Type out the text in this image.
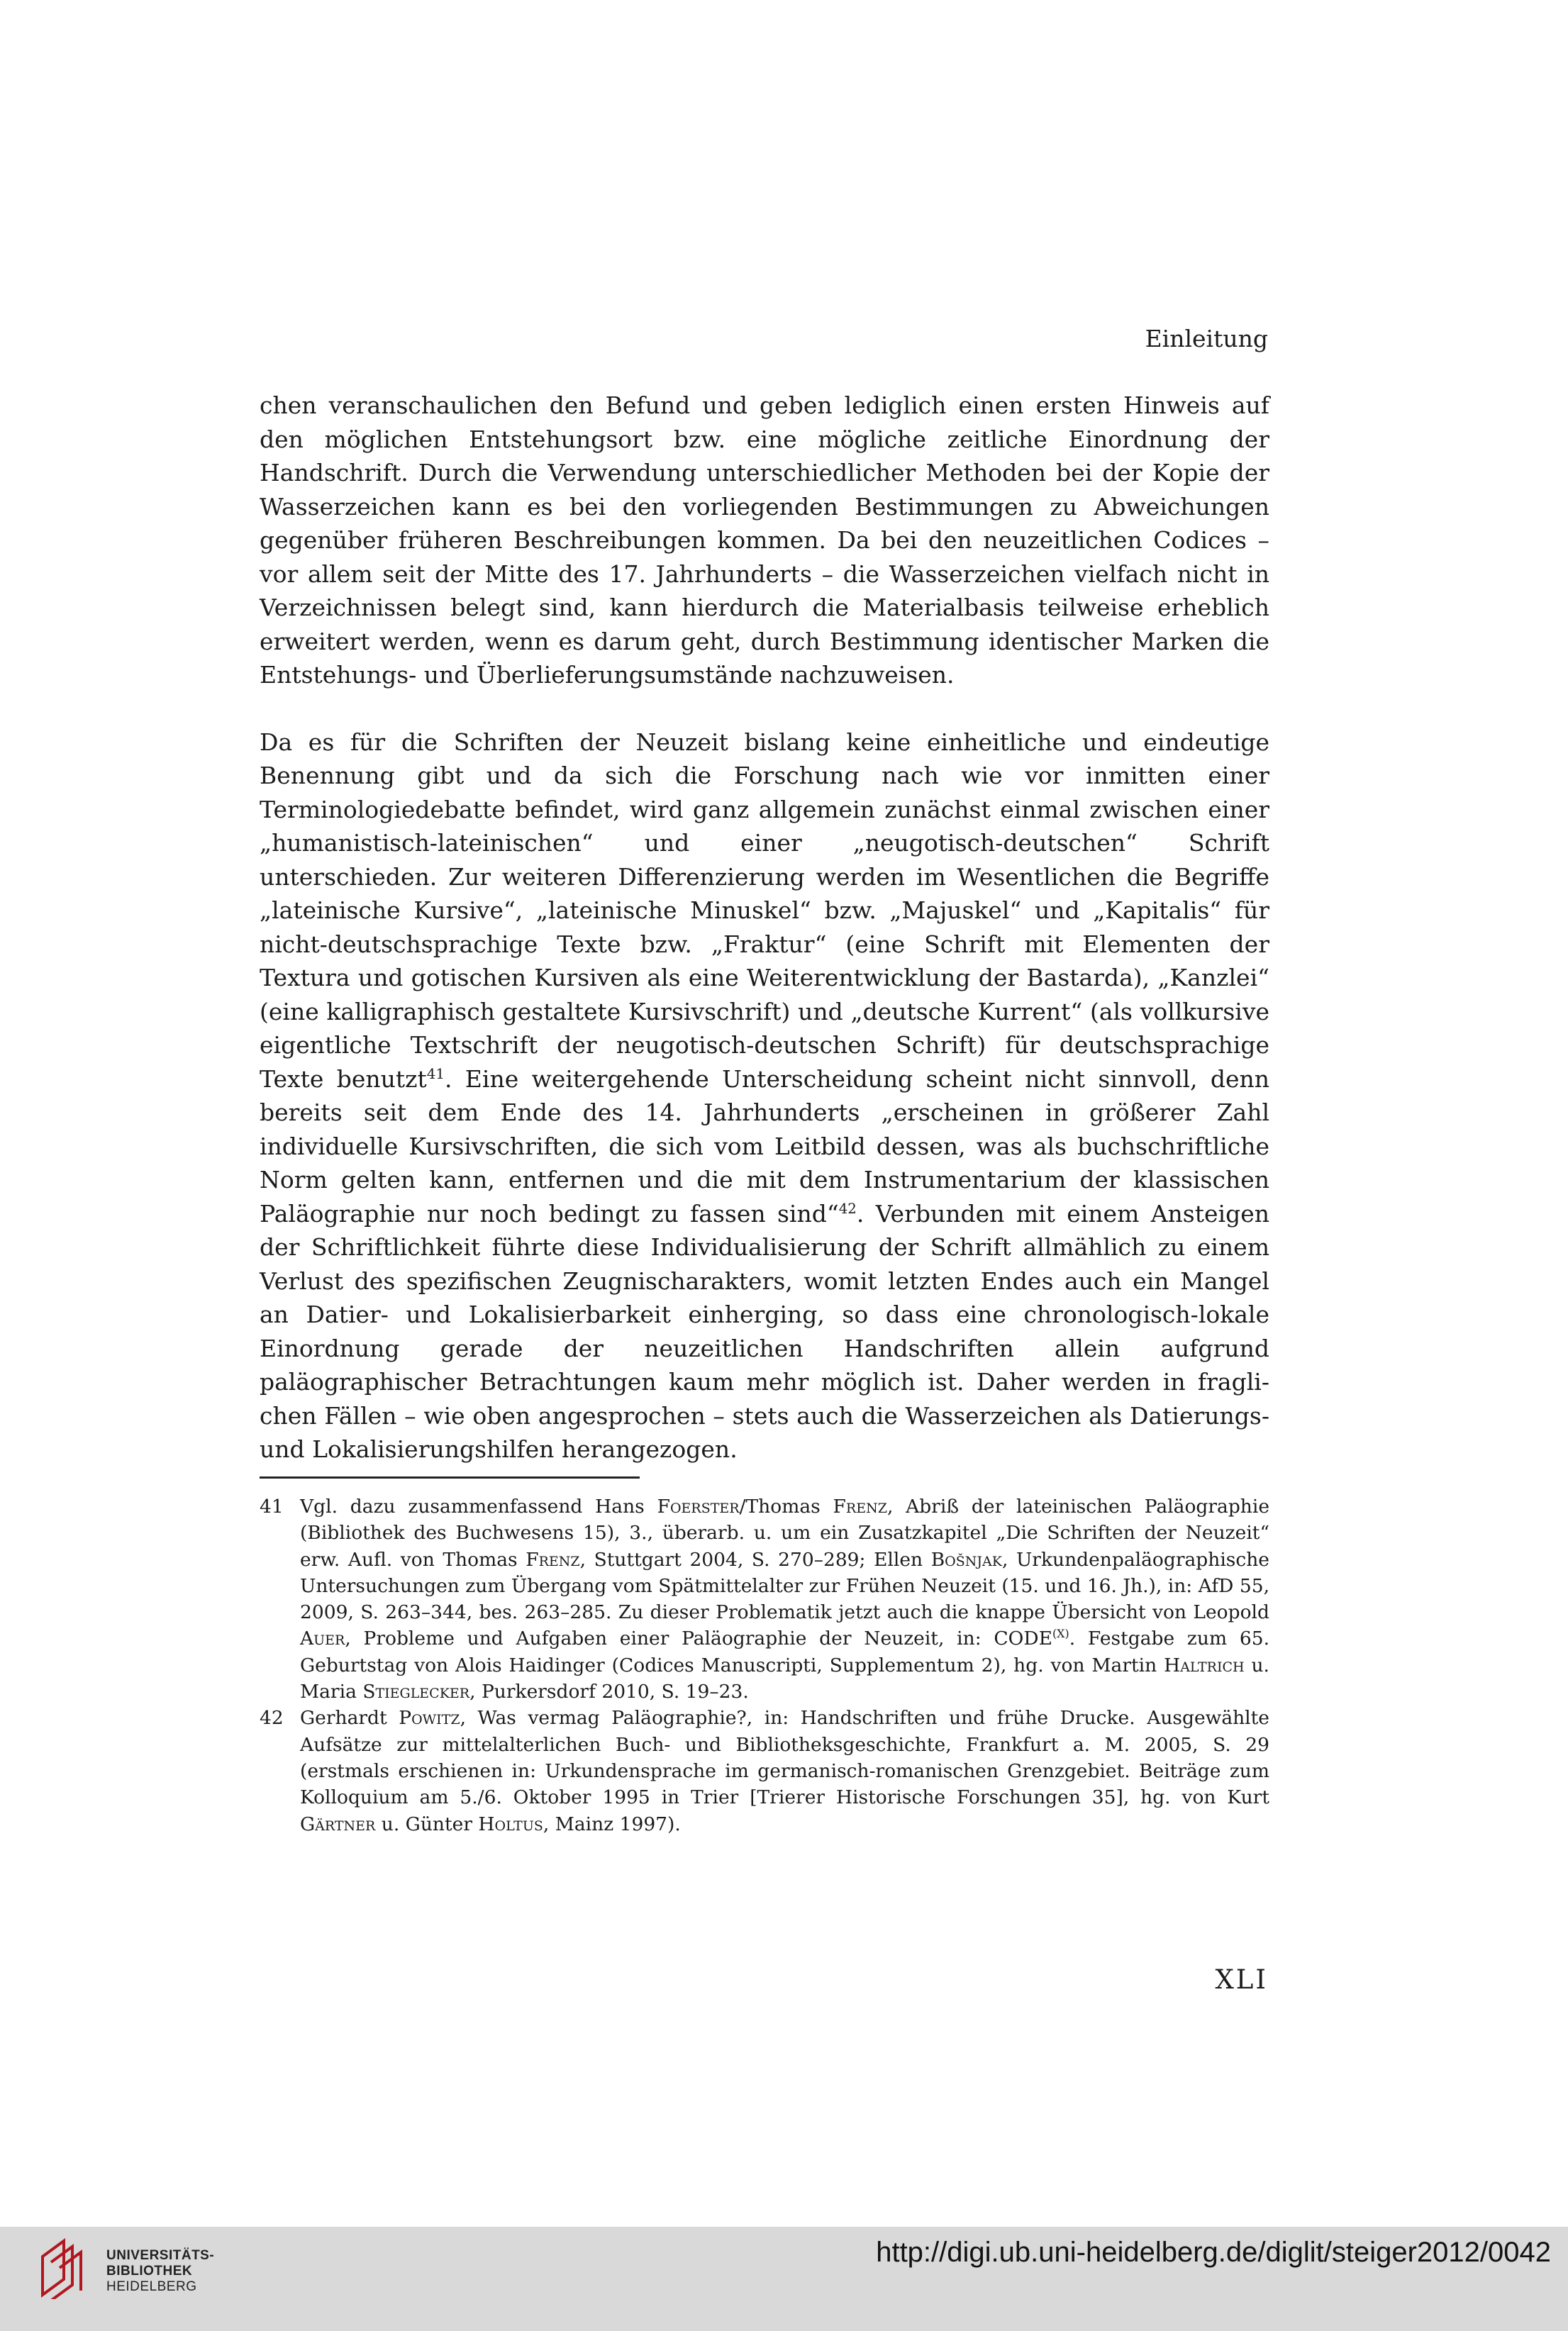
Einleitung

chen veranschaulichen den Befund und geben lediglich einen ersten Hinweis auf den möglichen Entstehungsort bzw. eine mögliche zeitliche Einordnung der Handschrift. Durch die Verwendung unterschiedlicher Methoden bei der Kopie der Wasserzeichen kann es bei den vorliegenden Bestimmungen zu Abweichungen gegenüber früheren Beschreibungen kommen. Da bei den neuzeitlichen Codices – vor allem seit der Mitte des 17. Jahrhunderts – die Wasserzeichen vielfach nicht in Verzeichnissen belegt sind, kann hierdurch die Materialbasis teilweise erheblich erweitert werden, wenn es darum geht, durch Bestimmung identischer Marken die Entstehungs- und Überlieferungsumstände nachzuweisen.

Da es für die Schriften der Neuzeit bislang keine einheitliche und eindeutige Benennung gibt und da sich die Forschung nach wie vor inmitten einer Terminologiedebatte befindet, wird ganz allgemein zunächst einmal zwischen einer „humanistisch-lateinischen“ und einer „neugotisch-deutschen“ Schrift unterschieden. Zur weiteren Differenzierung werden im Wesentlichen die Begriffe „lateinische Kursive“, „lateinische Minuskel“ bzw. „Majuskel“ und „Kapitalis“ für nicht-deutschsprachige Texte bzw. „Fraktur“ (eine Schrift mit Elementen der Textura und gotischen Kursiven als eine Weiterentwicklung der Bastarda), „Kanzlei“ (eine kalligraphisch gestaltete Kursivschrift) und „deutsche Kurrent“ (als vollkursive eigentliche Textschrift der neugotisch-deutschen Schrift) für deutschsprachige Texte benutzt$^{41}$. Eine weitergehende Unterscheidung scheint nicht sinnvoll, denn bereits seit dem Ende des 14. Jahrhunderts „erscheinen in größerer Zahl individuelle Kursivschriften, die sich vom Leitbild dessen, was als buchschriftliche Norm gelten kann, entfernen und die mit dem Instrumentarium der klassischen Paläographie nur noch bedingt zu fassen sind“$^{42}$. Verbunden mit einem Ansteigen der Schriftlichkeit führte diese Individualisierung der Schrift allmählich zu einem Verlust des spezifischen Zeugnischarakters, womit letzten Endes auch ein Mangel an Datier- und Lokalisierbarkeit einherging, so dass eine chronologisch-lokale Einordnung gerade der neuzeitlichen Handschriften allein aufgrund paläographischer Betrachtungen kaum mehr möglich ist. Daher werden in fraglichen Fällen – wie oben angesprochen – stets auch die Wasserzeichen als Datierungs- und Lokalisierungshilfen herangezogen.

41 Vgl. dazu zusammenfassend Hans Foerster/Thomas Frenz, Abriß der lateinischen Paläographie (Bibliothek des Buchwesens 15), 3., überarb. u. um ein Zusatzkapitel „Die Schriften der Neuzeit“ erw. Aufl. von Thomas Frenz, Stuttgart 2004, S. 270–289; Ellen Bošnjak, Urkundenpaläographische Untersuchungen zum Übergang vom Spätmittelalter zur Frühen Neuzeit (15. und 16. Jh.), in: AfD 55, 2009, S. 263–344, bes. 263–285. Zu dieser Problematik jetzt auch die knappe Übersicht von Leopold Auer, Probleme und Aufgaben einer Paläographie der Neuzeit, in: $CODE^{(X)}$. Festgabe zum 65. Geburtstag von Alois Haidinger (Codices Manuscripti, Supplementum 2), hg. von Martin Haltrich u. Maria Stieglecker, Purkersdorf 2010, S. 19–23.
42 Gerhardt Powitz, Was vermag Paläographie?, in: Handschriften und frühe Drucke. Ausgewählte Aufsätze zur mittelalterlichen Buch- und Bibliotheksgeschichte, Frankfurt a. M. 2005, S. 29 (erstmals erschienen in: Urkundensprache im germanisch-romanischen Grenzgebiet. Beiträge zum Kolloquium am 5./6. Oktober 1995 in Trier [Trierer Historische Forschungen 35], hg. von Kurt Gärtner u. Günter Holtus, Mainz 1997).
XLI
UNIVERSITÄTS-
BIBLIOTHEK
HEIDELBERG
http://digi.ub.uni-heidelberg.de/diglit/steiger2012/0042
